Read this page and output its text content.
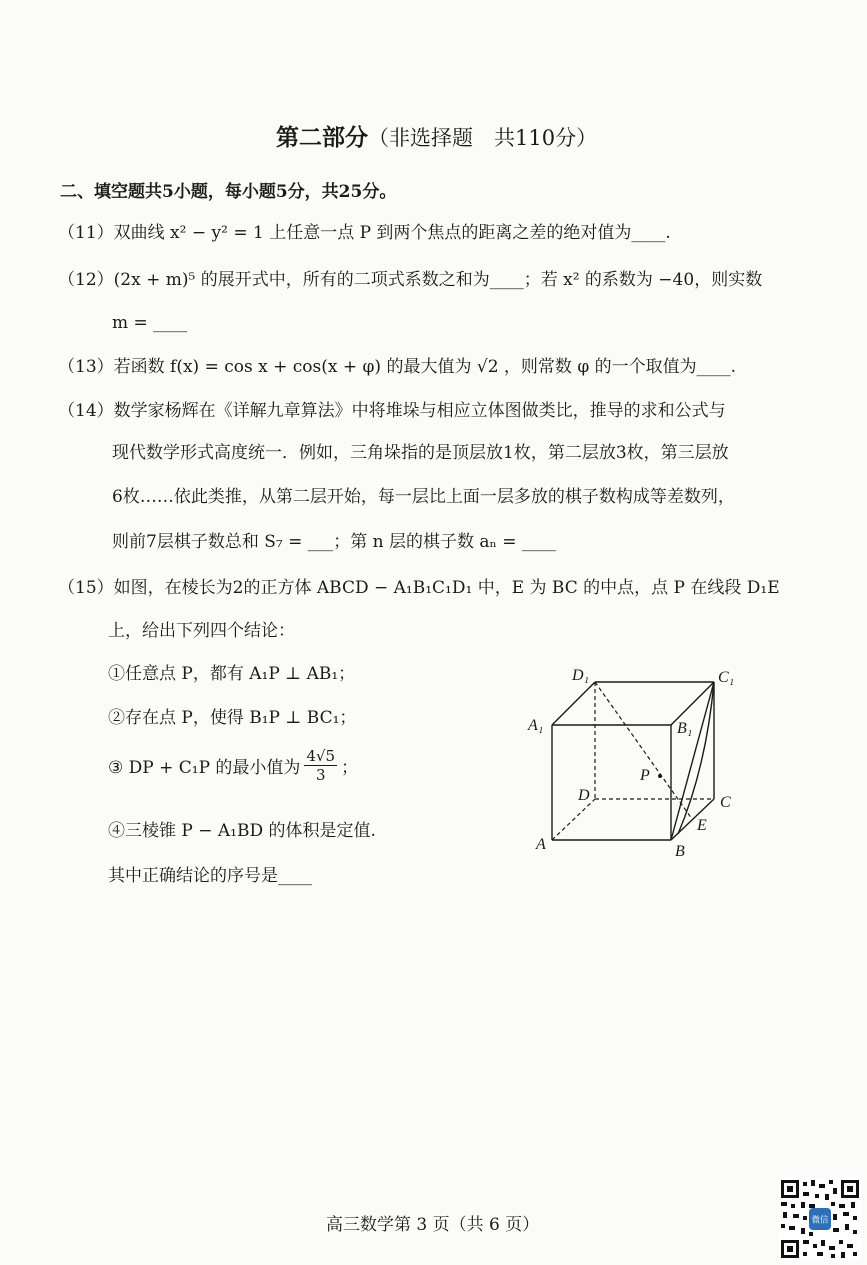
第二部分（非选择题　共110分）
二、填空题共5小题，每小题5分，共25分。
（11）双曲线 x² − y² = 1 上任意一点 P 到两个焦点的距离之差的绝对值为____.
（12）(2x + m)⁵ 的展开式中，所有的二项式系数之和为____；若 x² 的系数为 −40，则实数
m = ____
（13）若函数 f(x) = cos x + cos(x + φ) 的最大值为 √2 ，则常数 φ 的一个取值为____.
（14）数学家杨辉在《详解九章算法》中将堆垛与相应立体图做类比，推导的求和公式与
现代数学形式高度统一．例如，三角垛指的是顶层放1枚，第二层放3枚，第三层放
6枚……依此类推，从第二层开始，每一层比上面一层多放的棋子数构成等差数列，
则前7层棋子数总和 S₇ = ___；第 n 层的棋子数 aₙ = ____
（15）如图，在棱长为2的正方体 ABCD − A₁B₁C₁D₁ 中，E 为 BC 的中点，点 P 在线段 D₁E
上，给出下列四个结论：
①任意点 P，都有 A₁P ⊥ AB₁；
②存在点 P，使得 B₁P ⊥ BC₁；
③ DP + C₁P 的最小值为 $\frac{4√5}{3}$ ；
④三棱锥 P − A₁BD 的体积是定值.
其中正确结论的序号是____
D₁	C₁
A₁	B₁
P
D	C
E
A	B
高三数学第 3 页（共 6 页）	微信
